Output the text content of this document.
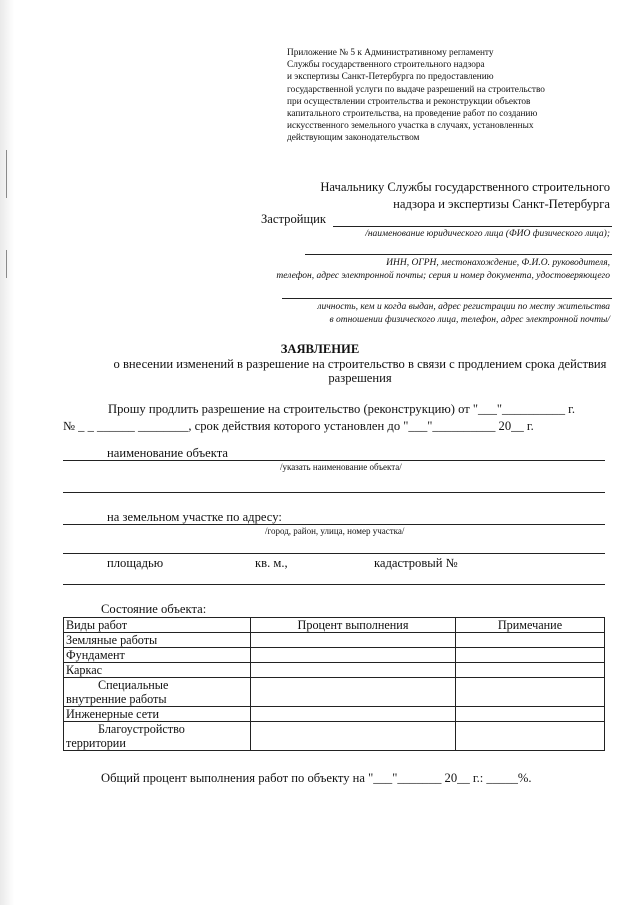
Приложение № 5 к Административному регламенту
Службы государственного строительного надзора
и экспертизы Санкт-Петербурга по предоставлению
государственной услуги по выдаче разрешений на строительство
при осуществлении строительства и реконструкции объектов
капитального строительства, на проведение работ по созданию
искусственного земельного участка в случаях, установленных
действующим законодательством
Начальнику Службы государственного строительного
надзора и экспертизы Санкт-Петербурга
Застройщик
/наименование юридического лица (ФИО физического лица);
ИНН, ОГРН, местонахождение, Ф.И.О. руководителя,
телефон, адрес электронной почты; серия и номер документа, удостоверяющего
личность, кем и когда выдан, адрес регистрации по месту жительства
в отношении физического лица, телефон, адрес электронной почты/
ЗАЯВЛЕНИЕ
о внесении изменений в разрешение на строительство в связи с продлением срока действия
разрешения
Прошу продлить разрешение на строительство (реконструкцию) от "___"__________ г.
№ _ _ ______ ________, срок действия которого установлен до "___"__________ 20__ г.
наименование объекта
/указать наименование объекта/
на земельном участке по адресу:
/город, район, улица, номер участка/
площадью	кв. м.,	кадастровый №
Состояние объекта:
Виды работ	Процент выполнения	Примечание
Земляные работы		
Фундамент		
Каркас		

Специальные
внутренние работы		

Инженерные сети		

Благоустройство
территории		

Общий процент выполнения работ по объекту на "___"_______ 20__ г.: _____%.
